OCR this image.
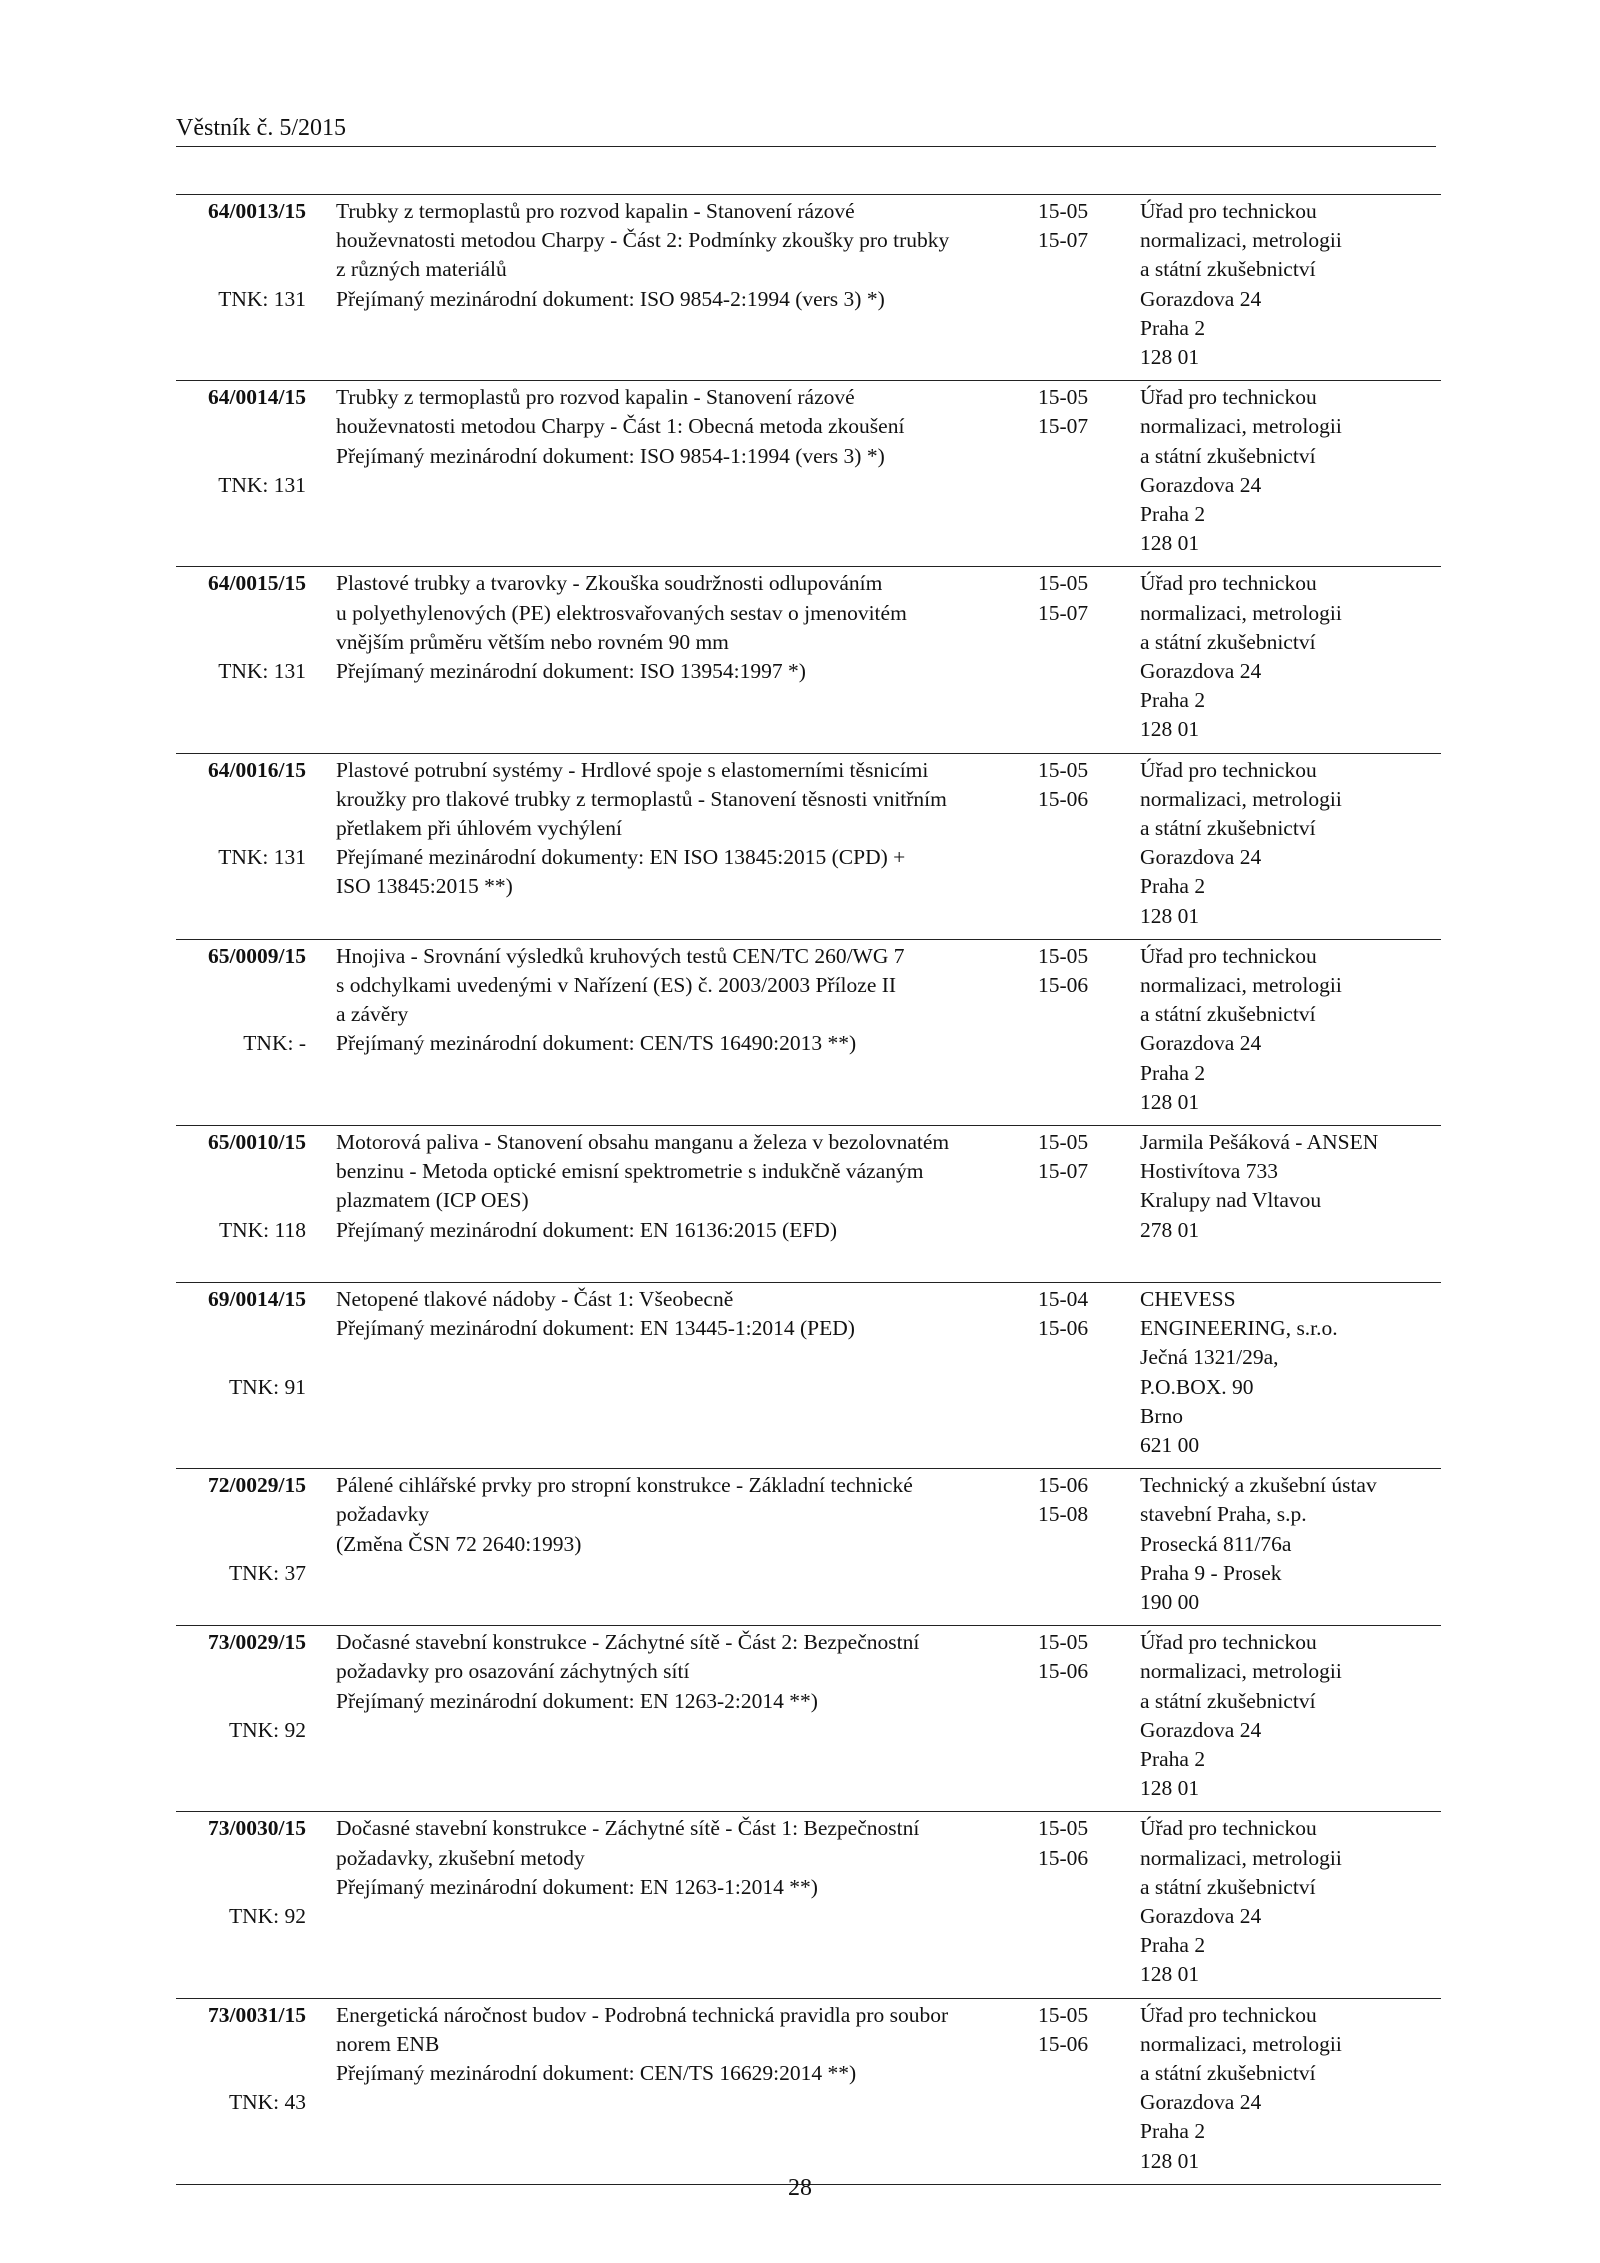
Věstník č. 5/2015
64/0013/15
TNK: 131
Trubky z termoplastů pro rozvod kapalin - Stanovení rázové
houževnatosti metodou Charpy - Část 2: Podmínky zkoušky pro trubky
z různých materiálů
Přejímaný mezinárodní dokument: ISO 9854-2:1994 (vers 3) *)
15-05
15-07
Úřad pro technickou
normalizaci, metrologii
a státní zkušebnictví
Gorazdova 24
Praha 2
128 01
64/0014/15
TNK: 131
Trubky z termoplastů pro rozvod kapalin - Stanovení rázové
houževnatosti metodou Charpy - Část 1: Obecná metoda zkoušení
Přejímaný mezinárodní dokument: ISO 9854-1:1994 (vers 3) *)
15-05
15-07
Úřad pro technickou
normalizaci, metrologii
a státní zkušebnictví
Gorazdova 24
Praha 2
128 01
64/0015/15
TNK: 131
Plastové trubky a tvarovky - Zkouška soudržnosti odlupováním
u polyethylenových (PE) elektrosvařovaných sestav o jmenovitém
vnějším průměru větším nebo rovném 90 mm
Přejímaný mezinárodní dokument: ISO 13954:1997 *)
15-05
15-07
Úřad pro technickou
normalizaci, metrologii
a státní zkušebnictví
Gorazdova 24
Praha 2
128 01
64/0016/15
TNK: 131
Plastové potrubní systémy - Hrdlové spoje s elastomerními těsnicími
kroužky pro tlakové trubky z termoplastů - Stanovení těsnosti vnitřním
přetlakem při úhlovém vychýlení
Přejímané mezinárodní dokumenty: EN ISO 13845:2015 (CPD) +
ISO 13845:2015 **)
15-05
15-06
Úřad pro technickou
normalizaci, metrologii
a státní zkušebnictví
Gorazdova 24
Praha 2
128 01
65/0009/15
TNK: -
Hnojiva - Srovnání výsledků kruhových testů CEN/TC 260/WG 7
s odchylkami uvedenými v Nařízení (ES) č. 2003/2003 Příloze II
a závěry
Přejímaný mezinárodní dokument: CEN/TS 16490:2013 **)
15-05
15-06
Úřad pro technickou
normalizaci, metrologii
a státní zkušebnictví
Gorazdova 24
Praha 2
128 01
65/0010/15
TNK: 118
Motorová paliva - Stanovení obsahu manganu a železa v bezolovnatém
benzinu - Metoda optické emisní spektrometrie s indukčně vázaným
plazmatem (ICP OES)
Přejímaný mezinárodní dokument: EN 16136:2015 (EFD)
15-05
15-07
Jarmila Pešáková - ANSEN
Hostivítova 733
Kralupy nad Vltavou
278 01
69/0014/15
TNK: 91
Netopené tlakové nádoby - Část 1: Všeobecně
Přejímaný mezinárodní dokument: EN 13445-1:2014 (PED)
15-04
15-06
CHEVESS
ENGINEERING, s.r.o.
Ječná 1321/29a,
P.O.BOX. 90
Brno
621 00
72/0029/15
TNK: 37
Pálené cihlářské prvky pro stropní konstrukce - Základní technické
požadavky
(Změna ČSN 72 2640:1993)
15-06
15-08
Technický a zkušební ústav
stavební Praha, s.p.
Prosecká 811/76a
Praha 9 - Prosek
190 00
73/0029/15
TNK: 92
Dočasné stavební konstrukce - Záchytné sítě - Část 2: Bezpečnostní
požadavky pro osazování záchytných sítí
Přejímaný mezinárodní dokument: EN 1263-2:2014 **)
15-05
15-06
Úřad pro technickou
normalizaci, metrologii
a státní zkušebnictví
Gorazdova 24
Praha 2
128 01
73/0030/15
TNK: 92
Dočasné stavební konstrukce - Záchytné sítě - Část 1: Bezpečnostní
požadavky, zkušební metody
Přejímaný mezinárodní dokument: EN 1263-1:2014 **)
15-05
15-06
Úřad pro technickou
normalizaci, metrologii
a státní zkušebnictví
Gorazdova 24
Praha 2
128 01
73/0031/15
TNK: 43
Energetická náročnost budov - Podrobná technická pravidla pro soubor
norem ENB
Přejímaný mezinárodní dokument: CEN/TS 16629:2014 **)
15-05
15-06
Úřad pro technickou
normalizaci, metrologii
a státní zkušebnictví
Gorazdova 24
Praha 2
128 01
28
